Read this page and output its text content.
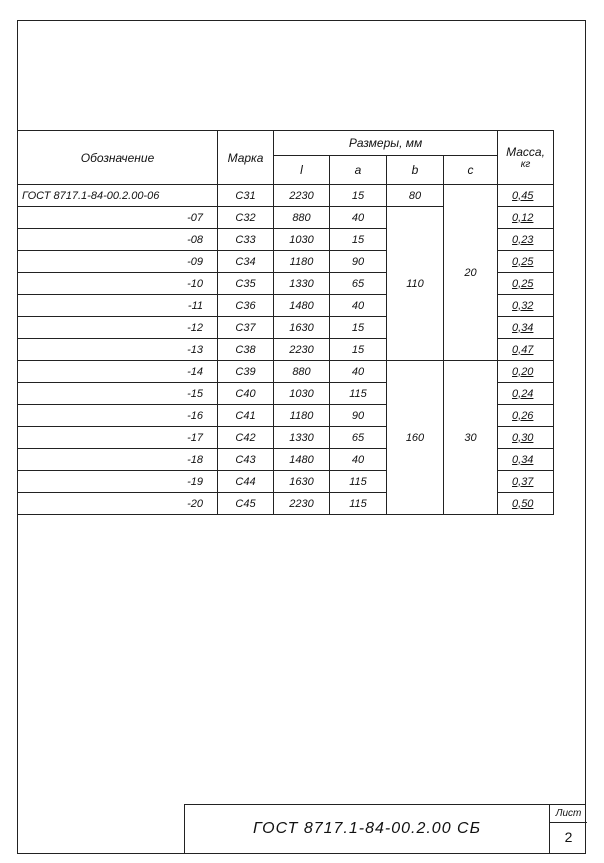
Обозначение	Марка	Размеры, мм				Масса,
кг

		l	a	b	c	
ГОСТ 8717.1-84-00.2.00-06	С31	2230	15	80	20	0,45
-07	С32	880	40	110		0,12
-08	С33	1030	15			0,23
-09	С34	1180	90			0,25
-10	С35	1330	65			0,25
-11	С36	1480	40			0,32
-12	С37	1630	15			0,34
-13	С38	2230	15			0,47
-14	С39	880	40	160	30	0,20
-15	С40	1030	115			0,24
-16	С41	1180	90			0,26
-17	С42	1330	65			0,30
-18	С43	1480	40			0,34
-19	С44	1630	115			0,37
-20	С45	2230	115			0,50
ГОСТ 8717.1-84-00.2.00 СБ
Лист
2
